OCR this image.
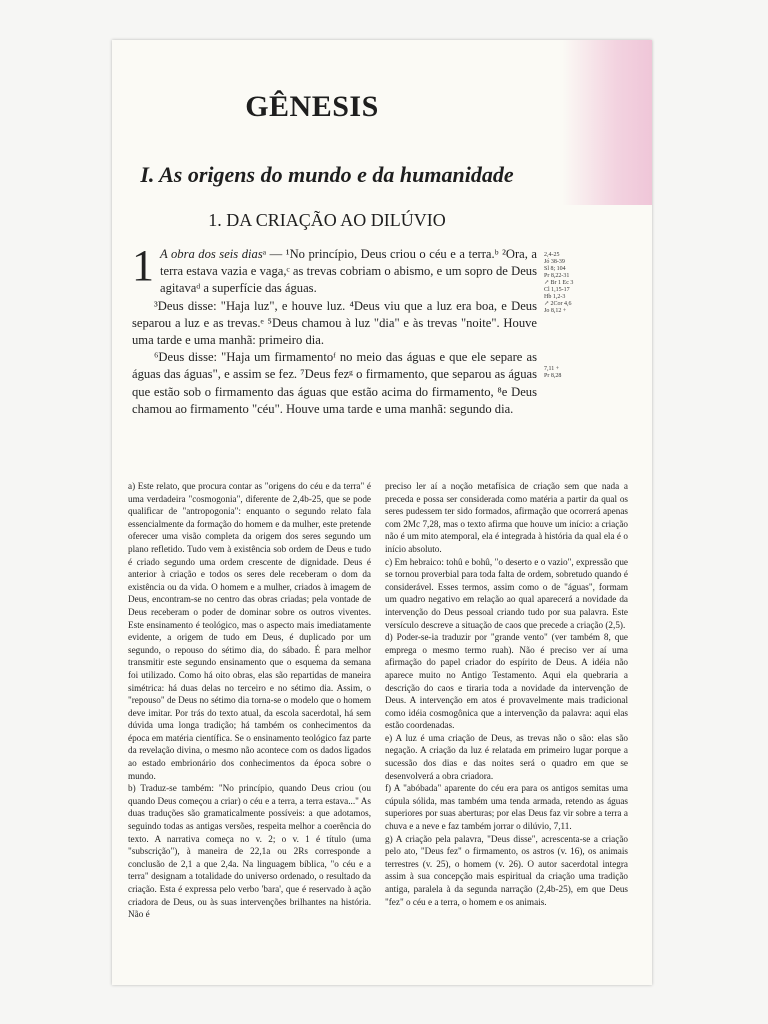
GÊNESIS
I. As origens do mundo e da humanidade
1. DA CRIAÇÃO AO DILÚVIO

1 A obra dos seis diasᵃ — ¹No princípio, Deus criou o céu e a terra.ᵇ ²Ora, a terra estava vazia e vaga,ᶜ as trevas cobriam o abismo, e um sopro de Deus agitavaᵈ a superfície das águas.

³Deus disse: "Haja luz", e houve luz. ⁴Deus viu que a luz era boa, e Deus separou a luz e as trevas.ᵉ ⁵Deus chamou à luz "dia" e às trevas "noite". Houve uma tarde e uma manhã: primeiro dia.

⁶Deus disse: "Haja um firmamentoᶠ no meio das águas e que ele separe as águas das águas", e assim se fez. ⁷Deus fezᵍ o firmamento, que separou as águas que estão sob o firmamento das águas que estão acima do firmamento, ⁸e Deus chamou ao firmamento "céu". Houve uma tarde e uma manhã: segundo dia.

2,4-25
Jó 38-39
Sl 8; 104
Pr 8,22-31
↗ Br 1 Ec 3
Cl 1,15-17
Hb 1,2-3
↗ 2Cor 4,6
Jo 8,12 +
7,11 +
Pr 8,28

a) Este relato, que procura contar as "origens do céu e da terra" é uma verdadeira "cosmogonia", diferente de 2,4b-25, que se pode qualificar de "antropogonia": enquanto o segundo relato fala essencialmente da formação do homem e da mulher, este pretende oferecer uma visão completa da origem dos seres segundo um plano refletido. Tudo vem à existência sob ordem de Deus e tudo é criado segundo uma ordem crescente de dignidade. Deus é anterior à criação e todos os seres dele receberam o dom da existência ou da vida. O homem e a mulher, criados à imagem de Deus, encontram-se no centro das obras criadas; pela vontade de Deus receberam o poder de dominar sobre os outros viventes. Este ensinamento é teológico, mas o aspecto mais imediatamente evidente, a origem de tudo em Deus, é duplicado por um segundo, o repouso do sétimo dia, do sábado. É para melhor transmitir este segundo ensinamento que o esquema da semana foi utilizado. Como há oito obras, elas são repartidas de maneira simétrica: há duas delas no terceiro e no sétimo dia. Assim, o "repouso" de Deus no sétimo dia torna-se o modelo que o homem deve imitar. Por trás do texto atual, da escola sacerdotal, há sem dúvida uma longa tradição; há também os conhecimentos da época em matéria científica. Se o ensinamento teológico faz parte da revelação divina, o mesmo não acontece com os dados ligados ao estado embrionário dos conhecimentos da época sobre o mundo.

b) Traduz-se também: "No princípio, quando Deus criou (ou quando Deus começou a criar) o céu e a terra, a terra estava..." As duas traduções são gramaticalmente possíveis: a que adotamos, seguindo todas as antigas versões, respeita melhor a coerência do texto. A narrativa começa no v. 2; o v. 1 é título (uma "subscrição"), à maneira de 22,1a ou 2Rs corresponde a conclusão de 2,1 a que 2,4a. Na linguagem bíblica, "o céu e a terra" designam a totalidade do universo ordenado, o resultado da criação. Esta é expressa pelo verbo 'bara', que é reservado à ação criadora de Deus, ou às suas intervenções brilhantes na história. Não é

preciso ler aí a noção metafísica de criação sem que nada a preceda e possa ser considerada como matéria a partir da qual os seres pudessem ter sido formados, afirmação que ocorrerá apenas com 2Mc 7,28, mas o texto afirma que houve um início: a criação não é um mito atemporal, ela é integrada à história da qual ela é o início absoluto.

c) Em hebraico: tohû e bohû, "o deserto e o vazio", expressão que se tornou proverbial para toda falta de ordem, sobretudo quando é considerável. Esses termos, assim como o de "águas", formam um quadro negativo em relação ao qual aparecerá a novidade da intervenção do Deus pessoal criando tudo por sua palavra. Este versículo descreve a situação de caos que precede a criação (2,5).

d) Poder-se-ia traduzir por "grande vento" (ver também 8, que emprega o mesmo termo ruah). Não é preciso ver aí uma afirmação do papel criador do espírito de Deus. A idéia não aparece muito no Antigo Testamento. Aqui ela quebraria a descrição do caos e tiraria toda a novidade da intervenção de Deus. A intervenção em atos é provavelmente mais tradicional como idéia cosmogônica que a intervenção da palavra: aqui elas estão coordenadas.

e) A luz é uma criação de Deus, as trevas não o são: elas são negação. A criação da luz é relatada em primeiro lugar porque a sucessão dos dias e das noites será o quadro em que se desenvolverá a obra criadora.

f) A "abóbada" aparente do céu era para os antigos semitas uma cúpula sólida, mas também uma tenda armada, retendo as águas superiores por suas aberturas; por elas Deus faz vir sobre a terra a chuva e a neve e faz também jorrar o dilúvio, 7,11.

g) A criação pela palavra, "Deus disse", acrescenta-se a criação pelo ato, "Deus fez" o firmamento, os astros (v. 16), os animais terrestres (v. 25), o homem (v. 26). O autor sacerdotal integra assim à sua concepção mais espiritual da criação uma tradição antiga, paralela à da segunda narração (2,4b-25), em que Deus "fez" o céu e a terra, o homem e os animais.
